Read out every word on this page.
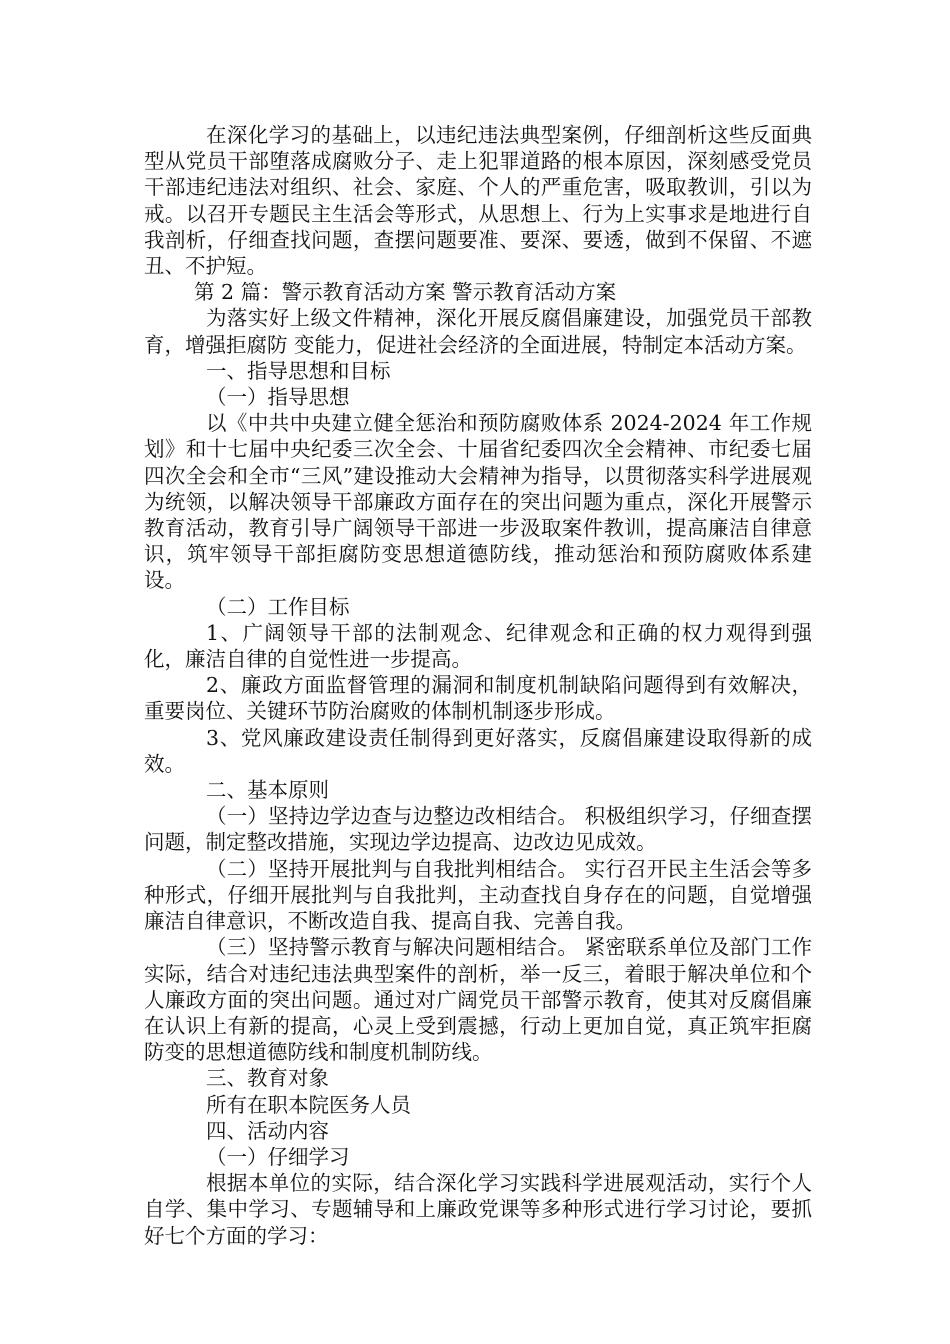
在深化学习的基础上，以违纪违法典型案例，仔细剖析这些反面典型从党员干部堕落成腐败分子、走上犯罪道路的根本原因，深刻感受党员干部违纪违法对组织、社会、家庭、个人的严重危害，吸取教训，引以为戒。以召开专题民主生活会等形式，从思想上、行为上实事求是地进行自我剖析，仔细查找问题，查摆问题要准、要深、要透，做到不保留、不遮丑、不护短。

第 2 篇：警示教育活动方案 警示教育活动方案

为落实好上级文件精神，深化开展反腐倡廉建设，加强党员干部教育，增强拒腐防 变能力，促进社会经济的全面进展，特制定本活动方案。

一、指导思想和目标

（一）指导思想

以《中共中央建立健全惩治和预防腐败体系 2024-2024 年工作规划》和十七届中央纪委三次全会、十届省纪委四次全会精神、市纪委七届四次全会和全市“三风”建设推动大会精神为指导，以贯彻落实科学进展观为统领，以解决领导干部廉政方面存在的突出问题为重点，深化开展警示教育活动，教育引导广阔领导干部进一步汲取案件教训，提高廉洁自律意识，筑牢领导干部拒腐防变思想道德防线，推动惩治和预防腐败体系建设。

（二）工作目标

1、广阔领导干部的法制观念、纪律观念和正确的权力观得到强化，廉洁自律的自觉性进一步提高。

2、廉政方面监督管理的漏洞和制度机制缺陷问题得到有效解决，重要岗位、关键环节防治腐败的体制机制逐步形成。

3、党风廉政建设责任制得到更好落实，反腐倡廉建设取得新的成效。

二、基本原则

（一）坚持边学边查与边整边改相结合。 积极组织学习，仔细查摆问题，制定整改措施，实现边学边提高、边改边见成效。

（二）坚持开展批判与自我批判相结合。 实行召开民主生活会等多种形式，仔细开展批判与自我批判，主动查找自身存在的问题，自觉增强廉洁自律意识，不断改造自我、提高自我、完善自我。

（三）坚持警示教育与解决问题相结合。 紧密联系单位及部门工作实际，结合对违纪违法典型案件的剖析，举一反三，着眼于解决单位和个人廉政方面的突出问题。通过对广阔党员干部警示教育，使其对反腐倡廉在认识上有新的提高，心灵上受到震撼，行动上更加自觉，真正筑牢拒腐防变的思想道德防线和制度机制防线。

三、教育对象

所有在职本院医务人员

四、活动内容

（一）仔细学习

根据本单位的实际，结合深化学习实践科学进展观活动，实行个人自学、集中学习、专题辅导和上廉政党课等多种形式进行学习讨论，要抓好七个方面的学习：
